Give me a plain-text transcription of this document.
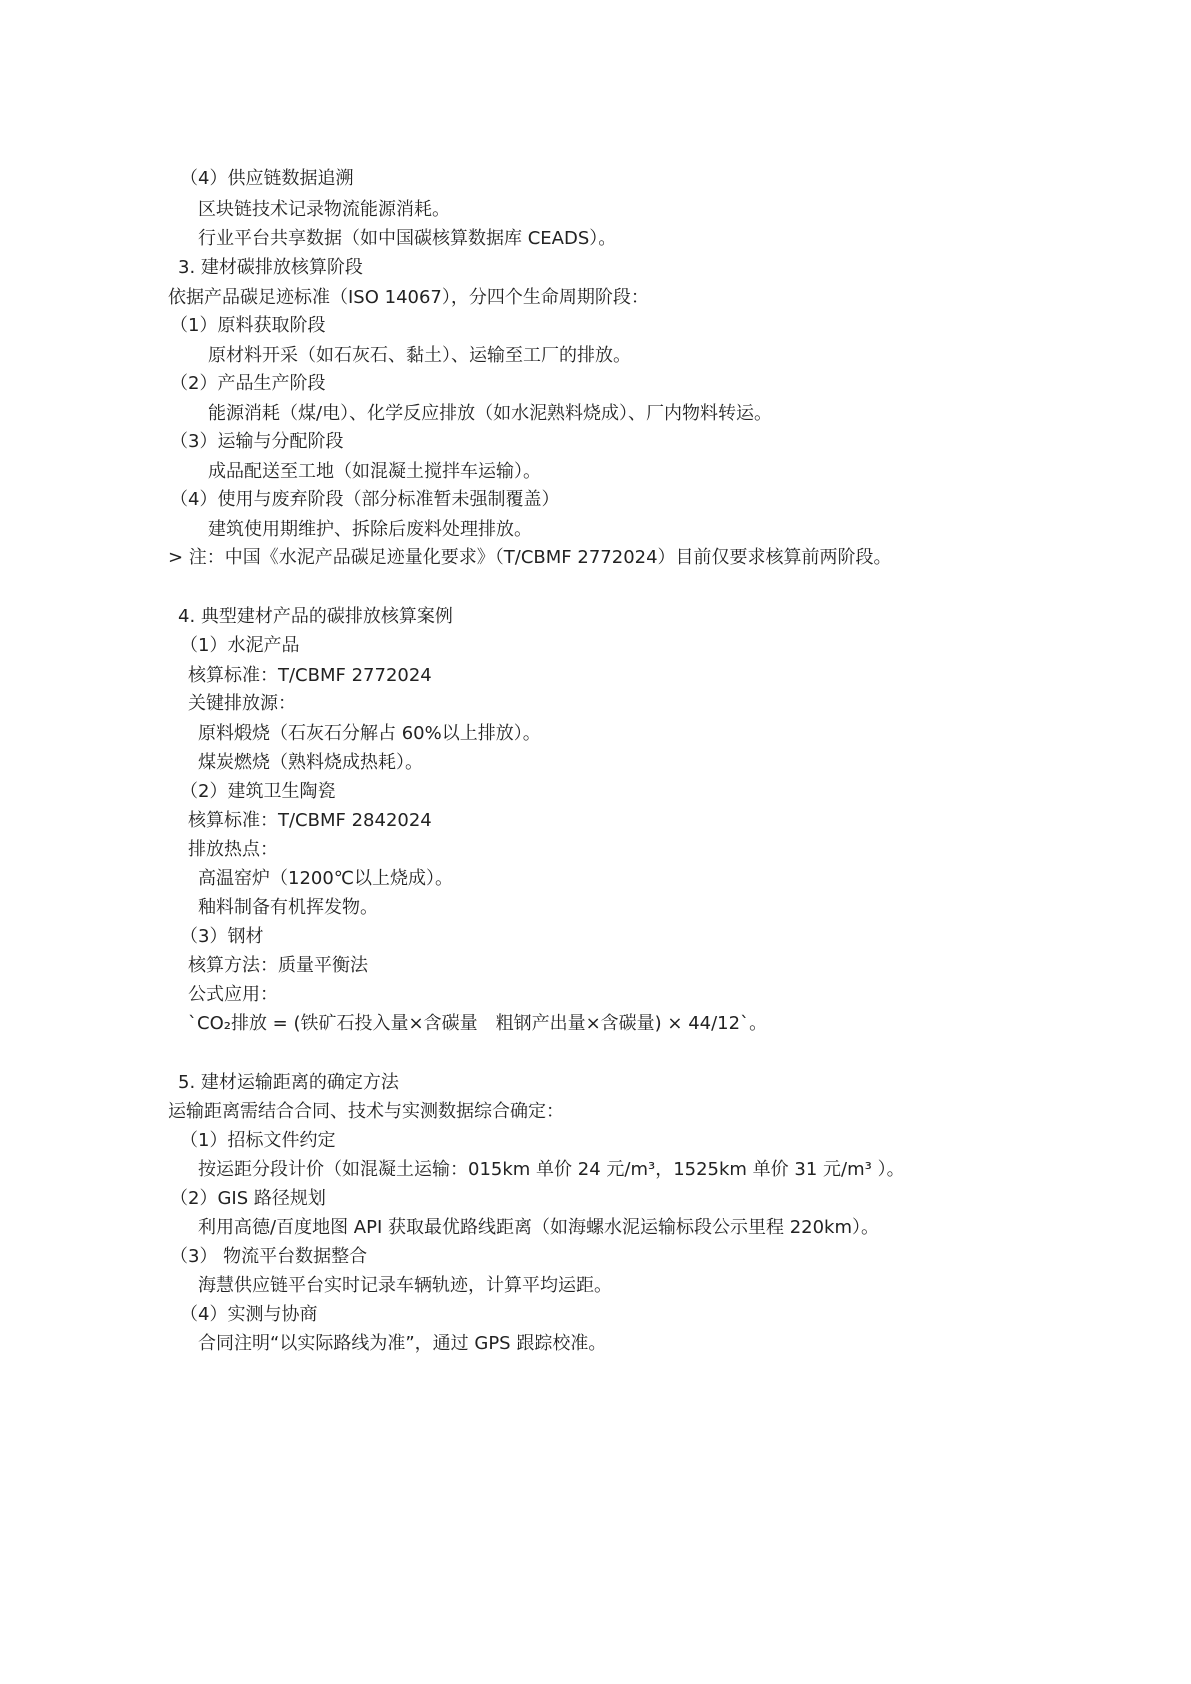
（4）供应链数据追溯
区块链技术记录物流能源消耗。
行业平台共享数据（如中国碳核算数据库 CEADS）。
3. 建材碳排放核算阶段
依据产品碳足迹标准（ISO 14067），分四个生命周期阶段：
（1）原料获取阶段
原材料开采（如石灰石、黏土）、运输至工厂的排放。
（2）产品生产阶段
能源消耗（煤/电）、化学反应排放（如水泥熟料烧成）、厂内物料转运。
（3）运输与分配阶段
成品配送至工地（如混凝土搅拌车运输）。
（4）使用与废弃阶段（部分标准暂未强制覆盖）
建筑使用期维护、拆除后废料处理排放。
> 注：中国《水泥产品碳足迹量化要求》（T/CBMF 2772024）目前仅要求核算前两阶段。
4. 典型建材产品的碳排放核算案例
（1）水泥产品
核算标准：T/CBMF 2772024
关键排放源：
原料煅烧（石灰石分解占 60%以上排放）。
煤炭燃烧（熟料烧成热耗）。
（2）建筑卫生陶瓷
核算标准：T/CBMF 2842024
排放热点：
高温窑炉（1200℃以上烧成）。
釉料制备有机挥发物。
（3）钢材
核算方法：质量平衡法
公式应用：
`CO₂排放 = (铁矿石投入量×含碳量　粗钢产出量×含碳量) × 44/12`。
5. 建材运输距离的确定方法
运输距离需结合合同、技术与实测数据综合确定：
（1）招标文件约定
按运距分段计价（如混凝土运输：015km 单价 24 元/m³，1525km 单价 31 元/m³ ）。
（2）GIS 路径规划
利用高德/百度地图 API 获取最优路线距离（如海螺水泥运输标段公示里程 220km）。
（3） 物流平台数据整合
海慧供应链平台实时记录车辆轨迹，计算平均运距。
（4）实测与协商
合同注明“以实际路线为准”，通过 GPS 跟踪校准。
